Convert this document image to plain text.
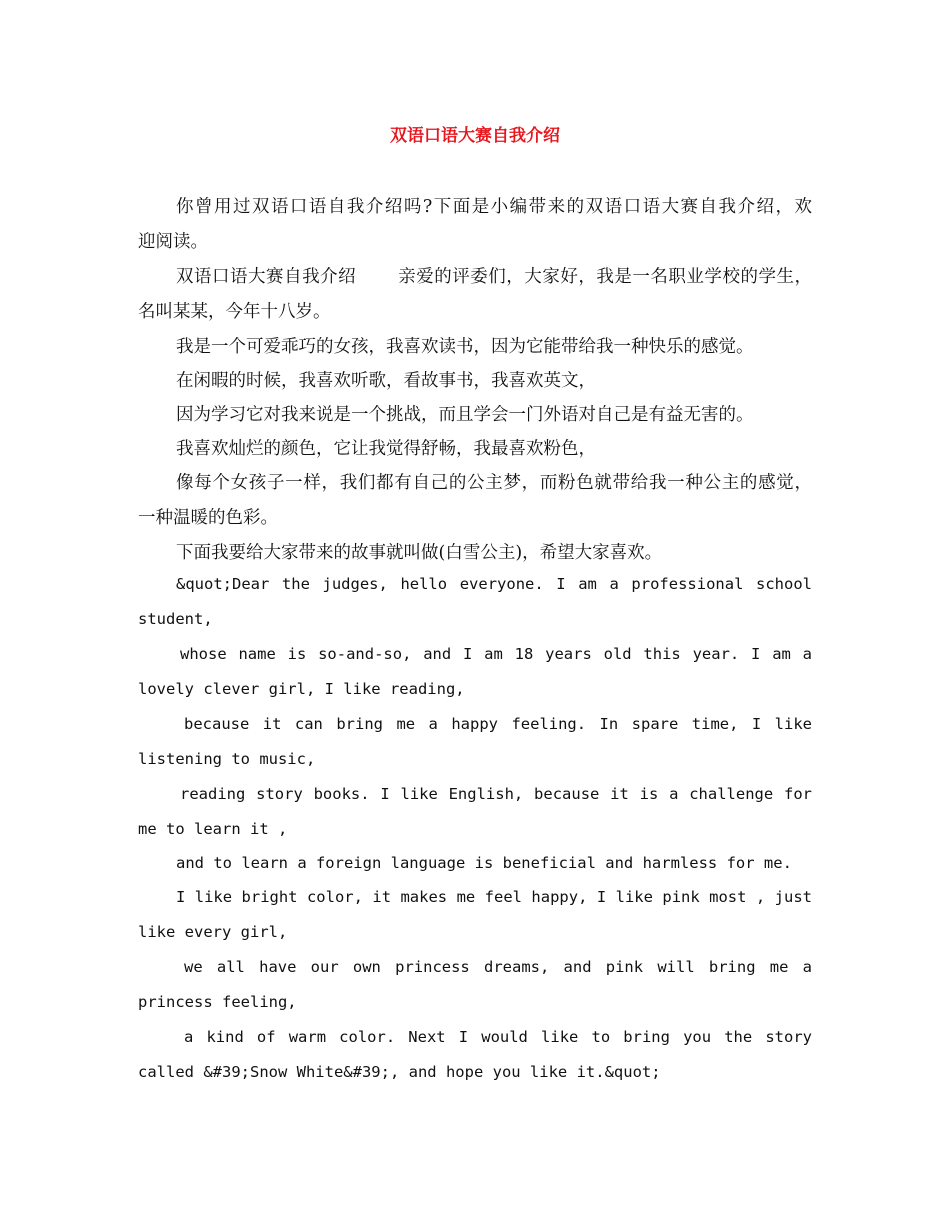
双语口语大赛自我介绍

你曾用过双语口语自我介绍吗?下面是小编带来的双语口语大赛自我介绍，欢

迎阅读。

双语口语大赛自我介绍　　 亲爱的评委们，大家好，我是一名职业学校的学生，

名叫某某，今年十八岁。

我是一个可爱乖巧的女孩，我喜欢读书，因为它能带给我一种快乐的感觉。

在闲暇的时候，我喜欢听歌，看故事书，我喜欢英文，

因为学习它对我来说是一个挑战，而且学会一门外语对自己是有益无害的。

我喜欢灿烂的颜色，它让我觉得舒畅，我最喜欢粉色，

像每个女孩子一样，我们都有自己的公主梦，而粉色就带给我一种公主的感觉，

一种温暖的色彩。

下面我要给大家带来的故事就叫做(白雪公主)，希望大家喜欢。

&quot;Dear the judges, hello everyone. I am a professional school

student,

whose name is so-and-so, and I am 18 years old this year. I am a

lovely clever girl, I like reading,

because it can bring me a happy feeling. In spare time, I like

listening to music,

reading story books. I like English, because it is a challenge for

me to learn it ,

and to learn a foreign language is beneficial and harmless for me.

I like bright color, it makes me feel happy, I like pink most , just

like every girl,

we all have our own princess dreams, and pink will bring me a

princess feeling,

a kind of warm color. Next I would like to bring you the story

called &#39;Snow White&#39;, and hope you like it.&quot;
